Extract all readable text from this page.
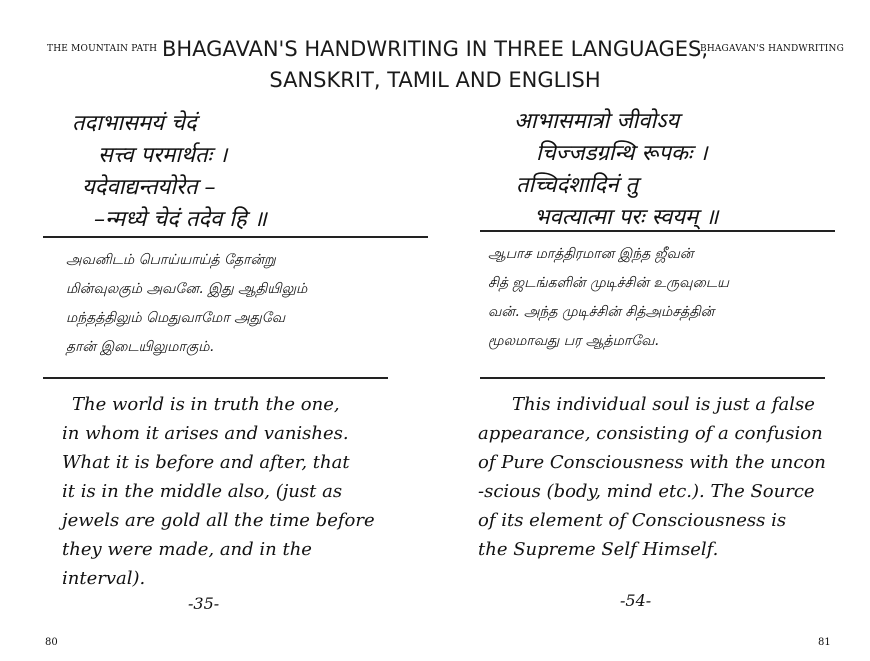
THE MOUNTAIN PATH	BHAGAVAN'S HANDWRITING
BHAGAVAN'S HANDWRITING IN THREE LANGUAGES,
SANSKRIT, TAMIL AND ENGLISH
तदाभासमयं चेदं
सत्त्व परमार्थतः ।
यदेवाद्यन्तयोरेत –
–न्मध्ये चेदं तदेव हि ॥
அவனிடம் பொய்யாய்த் தோன்று
மின்வுலகும் அவனே. இது ஆதியிலும்
மந்தத்திலும் மெதுவாமோ அதுவே
தான் இடையிலுமாகும்.
The world is in truth the one,
in whom it arises and vanishes.
What it is before and after, that
it is in the middle also, (just as
jewels are gold all the time before
they were made, and in the
interval).
-35-
80
आभासमात्रो जीवोऽय
चिज्जडग्रन्थि रूपकः ।
तच्चिदंशादिनं तु
भवत्यात्मा परः स्वयम् ॥
ஆபாச மாத்திரமான இந்த ஜீவன்
சித் ஜடங்களின் முடிச்சின் உருவுடைய
வன். அந்த முடிச்சின் சித்அம்சத்தின்
மூலமாவது பர ஆத்மாவே.
This individual soul is just a false
appearance, consisting of a confusion
of Pure Consciousness with the uncon
-scious (body, mind etc.). The Source
of its element of Consciousness is
the Supreme Self Himself.
-54-
81
